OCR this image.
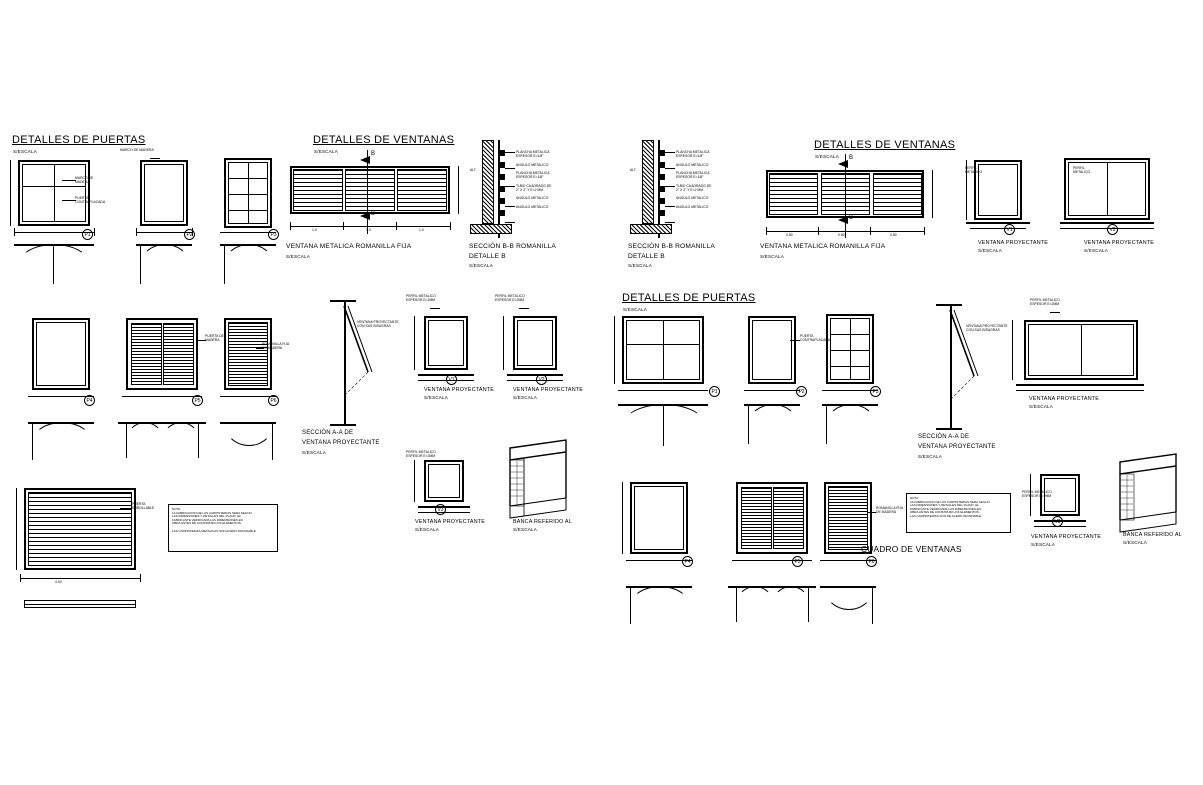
DETALLES DE PUERTAS
S/ESCALA
DETALLES DE VENTANAS
S/ESCALA
DETALLES DE VENTANAS
S/ESCALA
DETALLES DE PUERTAS
S/ESCALA
P1
MARCO DE
MADERA
PUERTA
CONTRAPLACADA
P2
MARCO DE MADERA
P3
P4	P5
PUERTA DE
MADERA
P6
ROMANILLA FIJA
DE MADERA
4.00
PUERTA
ENROLLABLE	NOTA:
LA FABRICACION DE LAS CARPINTERIAS SERA SEGUN
LAS DIMENSIONES Y DETALLES DEL PLANO, EL
FABRICANTE VERIFICARA LAS DIMENSIONES EN
OBRA ANTES DE CONSTRUIR LOS ELEMENTOS.

LAS CARPINTERIAS METALICAS SON ACERO INOXIDABLE
B
B
1.0	1.0	1.0
VENTANA METALICA ROMANILLA FIJA
S/ESCALA
PLANCHA METALICA
ESPESOR E=1/8"

ANGULO METALICO

PLANCHA METALICA
ESPESOR E=1/8"

TUBO CUADRADO DE
2" X 2" Y E=2 MM

ANGULO METALICO

ANGULO METALICO
ALT.
SECCIÓN B-B ROMANILLA
DETALLE B
S/ESCALA
PLANCHA METALICA
ESPESOR E=1/8"

ANGULO METALICO

PLANCHA METALICA
ESPESOR E=1/8"

TUBO CUADRADO DE
2" X 2" Y E=2 MM

ANGULO METALICO

ANGULO METALICO
ALT.
SECCIÓN B-B ROMANILLA
DETALLE B
S/ESCALA
B
B
0.80	0.80	0.80
VENTANA METALICA ROMANILLA FIJA
S/ESCALA
V1
PERFIL
METALICO
VENTANA PROYECTANTE
S/ESCALA
V2
PERFIL
METALICO
VENTANA PROYECTANTE
S/ESCALA
VENTANA PROYECTANTE
CON SUS BISAGRAS
SECCIÓN A-A DE
VENTANA PROYECTANTE
S/ESCALA
V1
PERFIL METALICO
ESPESOR E=2MM
VENTANA PROYECTANTE
S/ESCALA
V2
PERFIL METALICO
ESPESOR E=2MM
VENTANA PROYECTANTE
S/ESCALA
V3
PERFIL METALICO
ESPESOR E=2MM
VENTANA PROYECTANTE
S/ESCALA
BANCA REFERIDO AL
S/ESCALA
P1	P2
PUERTA
CONTRAPLACADA
P3
P4	P5	P6
ROMANILLA FIJA
DE MADERA
VENTANA PROYECTANTE
CON SUS BISAGRAS
SECCIÓN A-A DE
VENTANA PROYECTANTE
S/ESCALA
PERFIL METALICO
ESPESOR E=2MM
VENTANA PROYECTANTE
S/ESCALA
V3
PERFIL METALICO
ESPESOR E=2MM
VENTANA PROYECTANTE
S/ESCALA
BANCA REFERIDO AL
S/ESCALA
NOTA:
LA FABRICACION DE LAS CARPINTERIAS SERA SEGUN
LAS DIMENSIONES Y DETALLES DEL PLANO, EL
FABRICANTE VERIFICARA LAS DIMENSIONES EN
OBRA ANTES DE CONSTRUIR LOS ELEMENTOS.
LAS CARPINTERIAS SON DE ACERO INOXIDABLE
CUADRO DE VENTANAS
